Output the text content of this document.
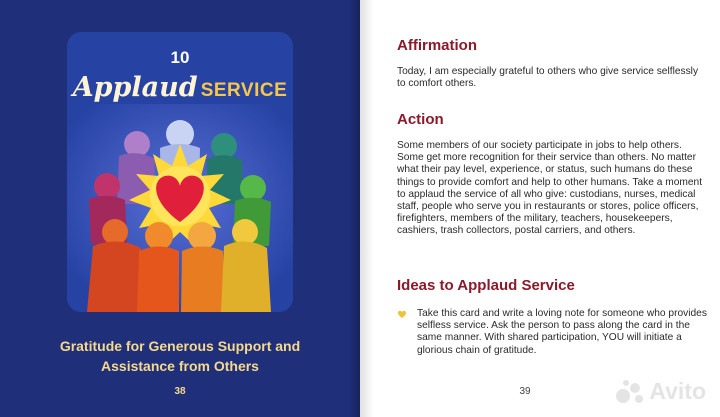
10
Applaud SERVICE
Gratitude for Generous Support and
Assistance from Others
38
Affirmation
Today, I am especially grateful to others who give service selflessly to comfort others.
Action
Some members of our society participate in jobs to help others. Some get more recognition for their service than others. No matter what their pay level, experience, or status, such humans do these things to provide comfort and help to other humans. Take a moment to applaud the service of all who give: custodians, nurses, medical staff, people who serve you in restaurants or stores, police officers, firefighters, members of the military, teachers, housekeepers, cashiers, trash collectors, postal carriers, and others.
Ideas to Applaud Service
Take this card and write a loving note for someone who provides selfless service. Ask the person to pass along the card in the same manner. With shared participation, YOU will initiate a glorious chain of gratitude.
39	Avito
